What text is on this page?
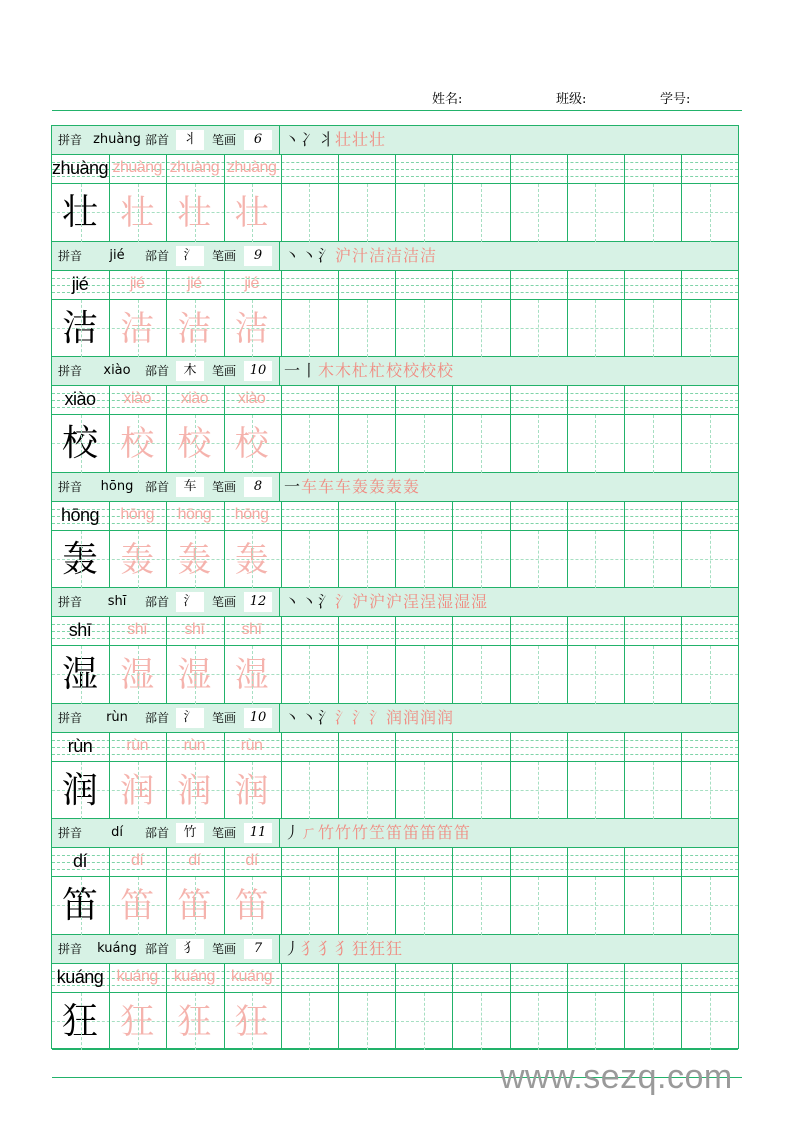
姓名:	班级:	学号:
拼音 zhuàng 部首	丬	笔画	6	丶冫丬壮壮壮
zhuàng zhuàng zhuàng zhuàng
壮 壮 壮 壮
拼音	jié	部首	氵	笔画	9	丶丶氵沪汁洁洁洁洁
jié	jié	jié	jié
洁 洁 洁 洁
拼音	xiào	部首	木	笔画	10	一丨木木杧杧校校校校
xiào	xiào	xiào	xiào
校 校 校 校
拼音	hōng 部首	车	笔画	8	一车车车轰轰轰轰
hōng	hōng	hōng	hōng
轰 轰 轰 轰
拼音	shī	部首	氵	笔画	12	丶丶氵氵沪沪沪浧浧湿湿湿
shī	shī	shī	shī
湿 湿 湿 湿
拼音	rùn	部首	氵	笔画	10	丶丶氵氵氵氵润润润润
rùn	rùn	rùn	rùn
润 润 润 润
拼音	dí	部首	竹	笔画	11	丿ㄏ竹竹竹笁笛笛笛笛笛
dí	dí	dí	dí
笛 笛 笛 笛
拼音	kuáng 部首	犭	笔画	7	丿犭犭犭狂狂狂
kuáng kuáng	kuáng	kuáng
狂 狂 狂 狂
www.sezq.com
